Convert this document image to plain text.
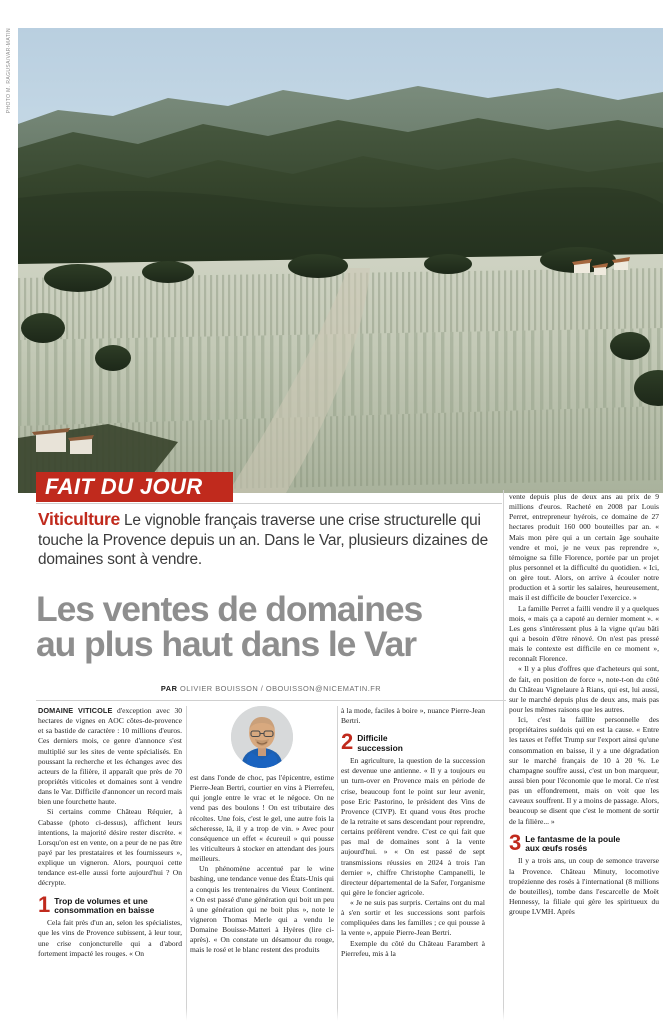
PHOTO M. RAGUSA/VAR-MATIN
FAIT DU JOUR
Viticulture Le vignoble français traverse une crise structurelle qui touche la Provence depuis un an. Dans le Var, plusieurs dizaines de domaines sont à vendre.
Les ventes de domaines
au plus haut dans le Var
PAR OLIVIER BOUISSON / OBOUISSON@NICEMATIN.FR

DOMAINE VITICOLE d'exception avec 30 hectares de vignes en AOC côtes-de-provence et sa bastide de caractère : 10 millions d'euros. Ces derniers mois, ce genre d'annonce s'est multiplié sur les sites de vente spécialisés. En poussant la recherche et les échanges avec des acteurs de la filière, il apparaît que près de 70 propriétés viticoles et domaines sont à vendre dans le Var. Difficile d'annoncer un record mais bien une fourchette haute.

Si certains comme Château Réquier, à Cabasse (photo ci-dessus), affichent leurs intentions, la majorité désire rester discrète. « Lorsqu'on est en vente, on a peur de ne pas être payé par les prestataires et les fournisseurs », explique un vigneron. Alors, pourquoi cette tendance est-elle aussi forte aujourd'hui ? On décrypte.

1 Trop de volumes et une
consommation en baisse

Cela fait près d'un an, selon les spécialistes, que les vins de Provence subissent, à leur tour, une crise conjoncturelle qui a d'abord fortement impacté les rouges. « On

est dans l'onde de choc, pas l'épicentre, estime Pierre-Jean Bertri, courtier en vins à Pierrefeu, qui jongle entre le vrac et le négoce. On ne vend pas des boulons ! On est tributaire des récoltes. Une fois, c'est le gel, une autre fois la sécheresse, là, il y a trop de vin. » Avec pour conséquence un effet « écureuil » qui pousse les viticulteurs à stocker en attendant des jours meilleurs.

Un phénomène accentué par le wine bashing, une tendance venue des États-Unis qui a conquis les trentenaires du Vieux Continent. « On est passé d'une génération qui boit un peu à une génération qui ne boit plus », note le vigneron Thomas Merle qui a vendu le Domaine Bouisse-Matteri à Hyères (lire ci-après). « On constate un désamour du rouge, mais le rosé et le blanc restent des produits

à la mode, faciles à boire », nuance Pierre-Jean Bertri.

2 Difficile
succession

En agriculture, la question de la succession est devenue une antienne. « Il y a toujours eu un turn-over en Provence mais en période de crise, beaucoup font le point sur leur avenir, pose Eric Pastorino, le président des Vins de Provence (CIVP). Et quand vous êtes proche de la retraite et sans descendant pour reprendre, certains préfèrent vendre. C'est ce qui fait que pas mal de domaines sont à la vente aujourd'hui. » « On est passé de sept transmissions réussies en 2024 à trois l'an dernier », chiffre Christophe Campanelli, le directeur départemental de la Safer, l'organisme qui gère le foncier agricole.

« Je ne suis pas surpris. Certains ont du mal à s'en sortir et les successions sont parfois compliquées dans les familles ; ce qui pousse à la vente », appuie Pierre-Jean Bertri.

Exemple du côté du Château Farambert à Pierrefeu, mis à la

vente depuis plus de deux ans au prix de 9 millions d'euros. Racheté en 2008 par Louis Perret, entrepreneur hyérois, ce domaine de 27 hectares produit 160 000 bouteilles par an. « Mais mon père qui a un certain âge souhaite vendre et moi, je ne veux pas reprendre », témoigne sa fille Florence, portée par un projet plus personnel et la difficulté du quotidien. « Ici, on gère tout. Alors, on arrive à écouler notre production et à sortir les salaires, heureusement, mais il est difficile de boucler l'exercice. »

La famille Perret a failli vendre il y a quelques mois, « mais ça a capoté au dernier moment ». « Les gens s'intéressent plus à la vigne qu'au bâti qui a besoin d'être rénové. On n'est pas pressé mais le contexte est difficile en ce moment », reconnaît Florence.

« Il y a plus d'offres que d'acheteurs qui sont, de fait, en position de force », note-t-on du côté du Château Vignelaure à Rians, qui est, lui aussi, sur le marché depuis plus de deux ans, mais pas pour les mêmes raisons que les autres.

Ici, c'est la faillite personnelle des propriétaires suédois qui en est la cause. « Entre les taxes et l'effet Trump sur l'export ainsi qu'une consommation en baisse, il y a une dégradation sur le marché français de 10 à 20 %. Le champagne souffre aussi, c'est un bon marqueur, aussi bien pour l'économie que le moral. Ce n'est pas un effondrement, mais on voit que les caveaux souffrent. Il y a moins de passage. Alors, beaucoup se disent que c'est le moment de sortir de la filière... »

3 Le fantasme de la poule
aux œufs rosés

Il y a trois ans, un coup de semonce traverse la Provence. Château Minuty, locomotive tropézienne des rosés à l'international (8 millions de bouteilles), tombe dans l'escarcelle de Moët Hennessy, la filiale qui gère les spiritueux du groupe LVMH. Après
